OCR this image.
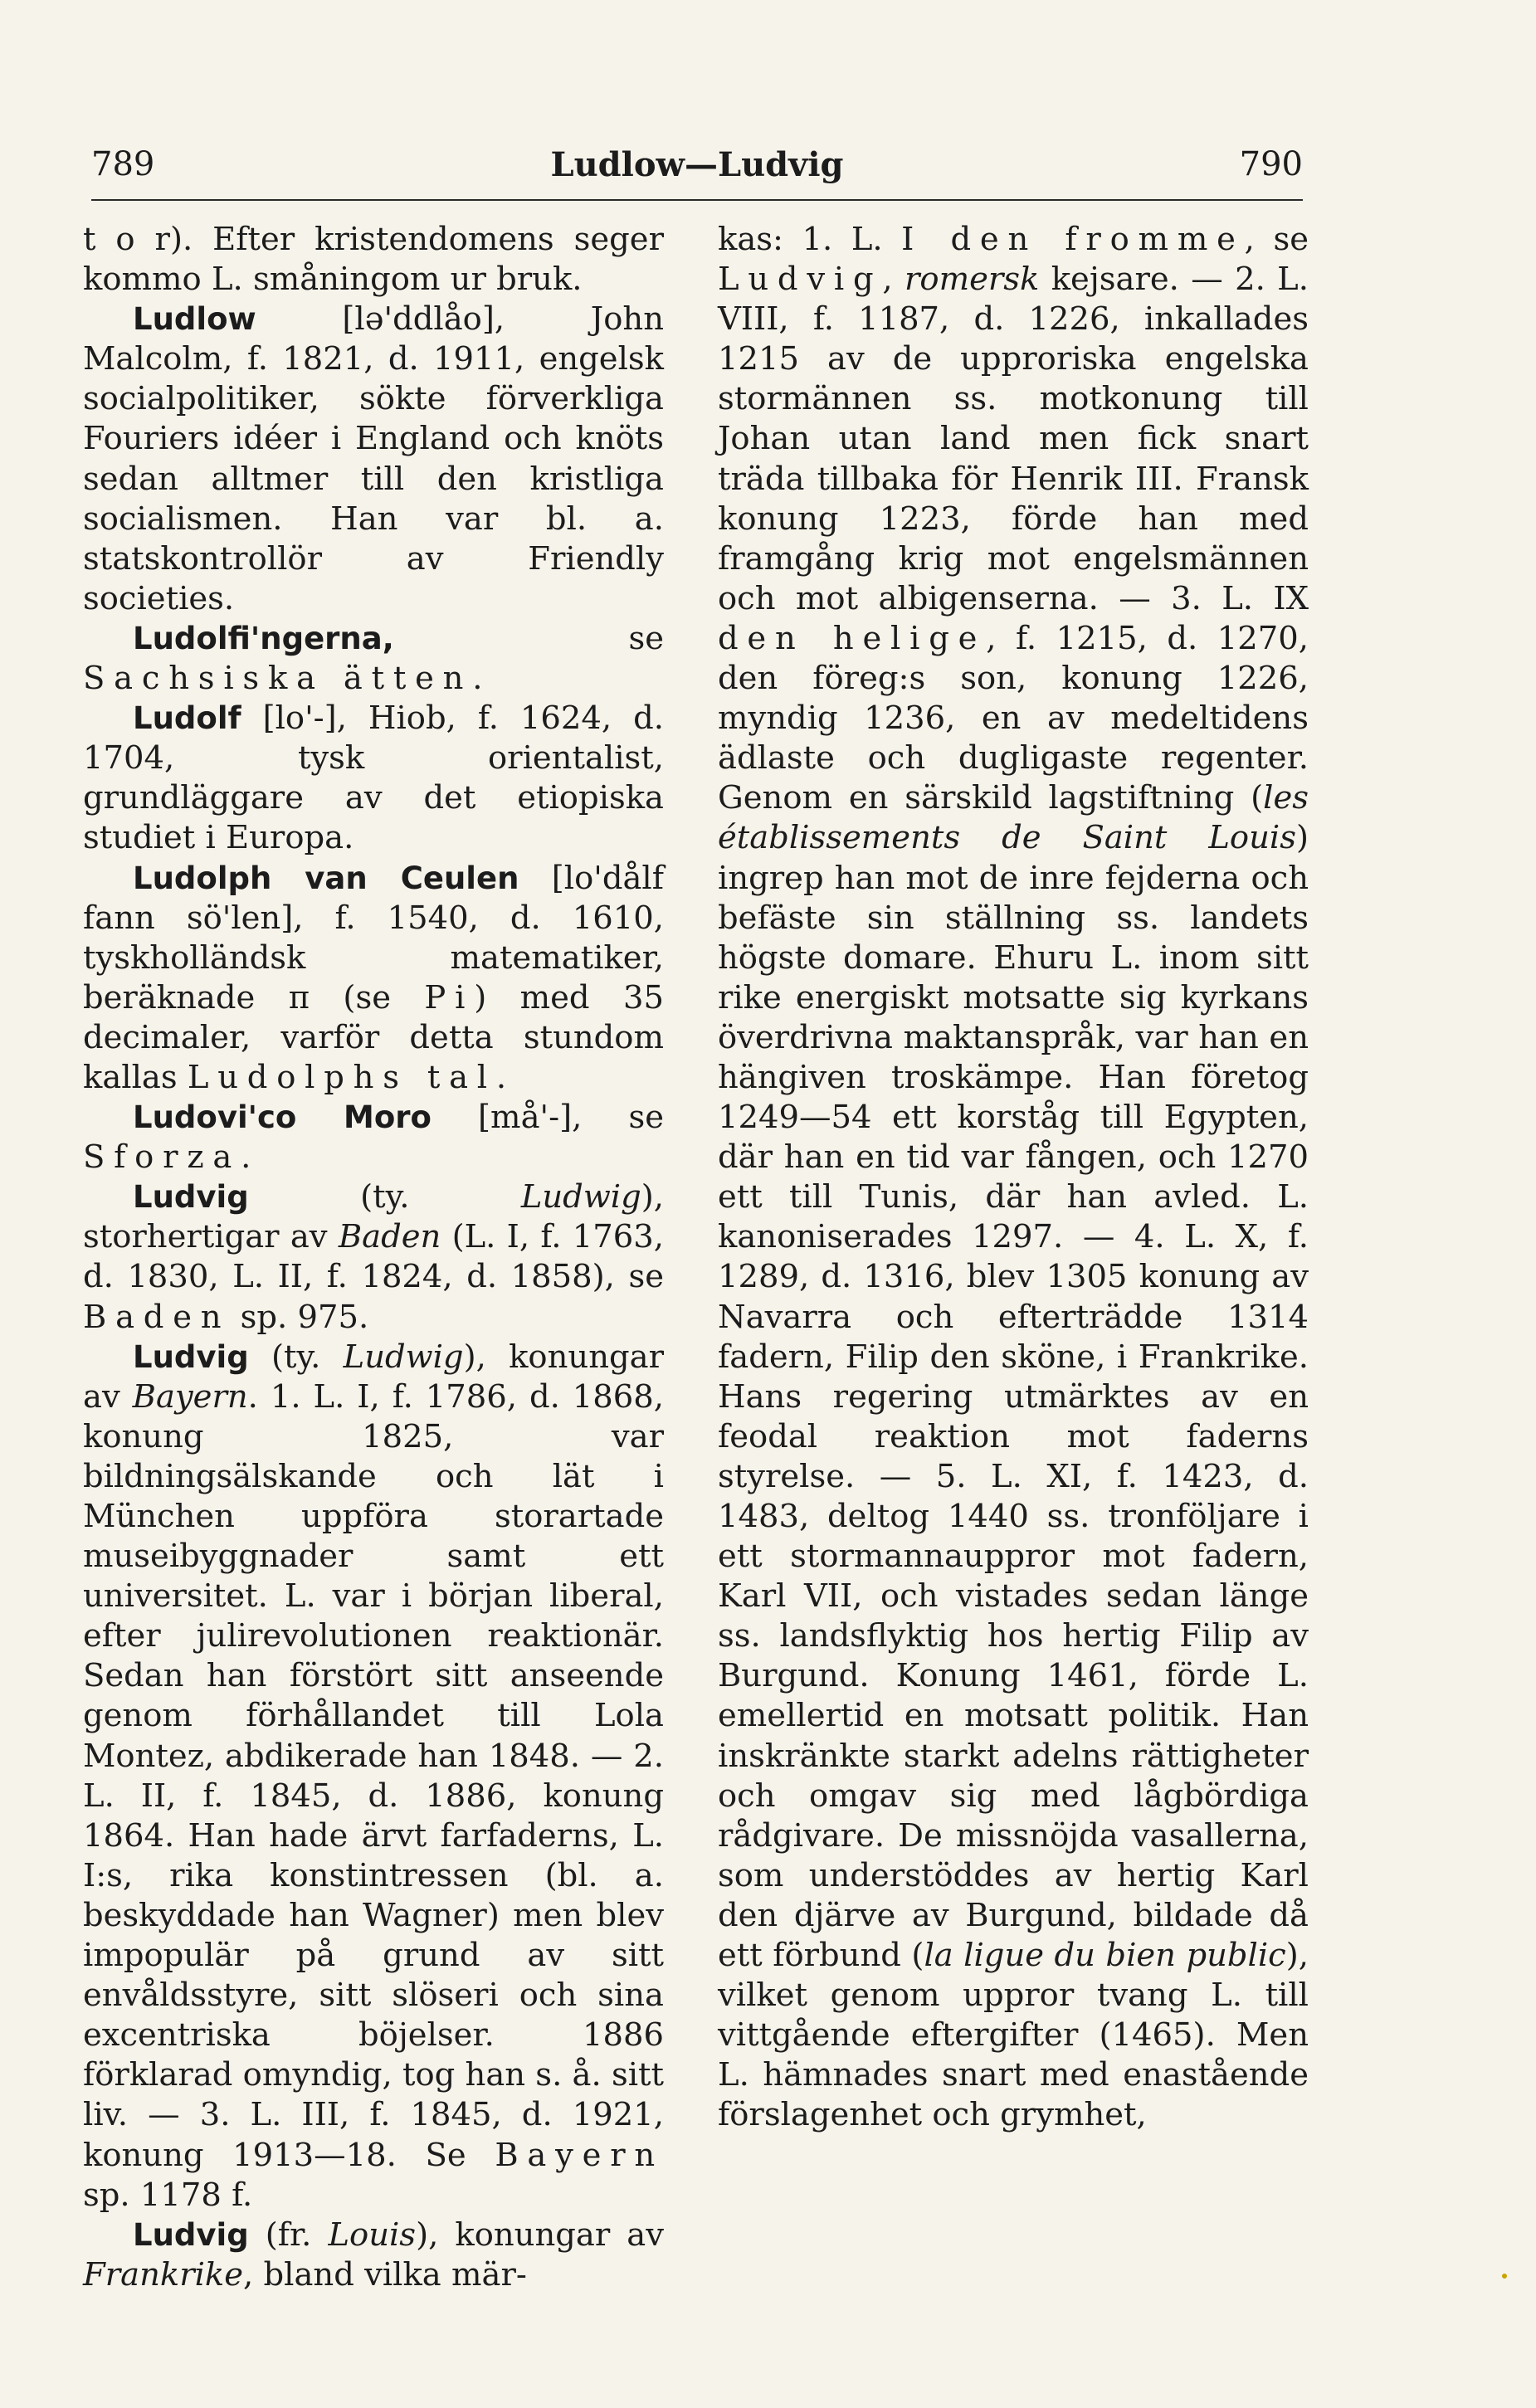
789	Ludlow—Ludvig	790

t o r). Efter kristendomens seger kommo L. småningom ur bruk.

Ludlow [lə'ddlåo], John Malcolm, f. 1821, d. 1911, engelsk socialpolitiker, sökte förverkliga Fouriers idéer i England och knöts sedan alltmer till den kristliga socialismen. Han var bl. a. statskontrollör av Friendly societies.

Ludolfi'ngerna, se Sachsiska ätten.

Ludolf [lo'-], Hiob, f. 1624, d. 1704, tysk orientalist, grundläggare av det etiopiska studiet i Europa.

Ludolph van Ceulen [lo'dålf fann sö'len], f. 1540, d. 1610, tyskholländsk matematiker, beräknade π (se Pi) med 35 decimaler, varför detta stundom kallas Ludolphs tal.

Ludovi'co Moro [må'-], se Sforza.

Ludvig (ty. Ludwig), storhertigar av Baden (L. I, f. 1763, d. 1830, L. II, f. 1824, d. 1858), se Baden sp. 975.

Ludvig (ty. Ludwig), konungar av Bayern. 1. L. I, f. 1786, d. 1868, konung 1825, var bildningsälskande och lät i München uppföra storartade museibyggnader samt ett universitet. L. var i början liberal, efter julirevolutionen reaktionär. Sedan han förstört sitt anseende genom förhållandet till Lola Montez, abdikerade han 1848. — 2. L. II, f. 1845, d. 1886, konung 1864. Han hade ärvt farfaderns, L. I:s, rika konstintressen (bl. a. beskyddade han Wagner) men blev impopulär på grund av sitt envåldsstyre, sitt slöseri och sina excentriska böjelser. 1886 förklarad omyndig, tog han s. å. sitt liv. — 3. L. III, f. 1845, d. 1921, konung 1913—18. Se Bayern sp. 1178 f.

Ludvig (fr. Louis), konungar av Frankrike, bland vilka mär-

kas: 1. L. I den fromme, se Ludvig, romersk kejsare. — 2. L. VIII, f. 1187, d. 1226, inkallades 1215 av de upproriska engelska stormännen ss. motkonung till Johan utan land men fick snart träda tillbaka för Henrik III. Fransk konung 1223, förde han med framgång krig mot engelsmännen och mot albigenserna. — 3. L. IX den helige, f. 1215, d. 1270, den föreg:s son, konung 1226, myndig 1236, en av medeltidens ädlaste och dugligaste regenter. Genom en särskild lagstiftning (les établissements de Saint Louis) ingrep han mot de inre fejderna och befäste sin ställning ss. landets högste domare. Ehuru L. inom sitt rike energiskt motsatte sig kyrkans överdrivna maktanspråk, var han en hängiven troskämpe. Han företog 1249—54 ett korståg till Egypten, där han en tid var fången, och 1270 ett till Tunis, där han avled. L. kanoniserades 1297. — 4. L. X, f. 1289, d. 1316, blev 1305 konung av Navarra och efterträdde 1314 fadern, Filip den sköne, i Frankrike. Hans regering utmärktes av en feodal reaktion mot faderns styrelse. — 5. L. XI, f. 1423, d. 1483, deltog 1440 ss. tronföljare i ett stormannauppror mot fadern, Karl VII, och vistades sedan länge ss. landsflyktig hos hertig Filip av Burgund. Konung 1461, förde L. emellertid en motsatt politik. Han inskränkte starkt adelns rättigheter och omgav sig med lågbördiga rådgivare. De missnöjda vasallerna, som understöddes av hertig Karl den djärve av Burgund, bildade då ett förbund (la ligue du bien public), vilket genom uppror tvang L. till vittgående eftergifter (1465). Men L. hämnades snart med enastående förslagenhet och grymhet,
